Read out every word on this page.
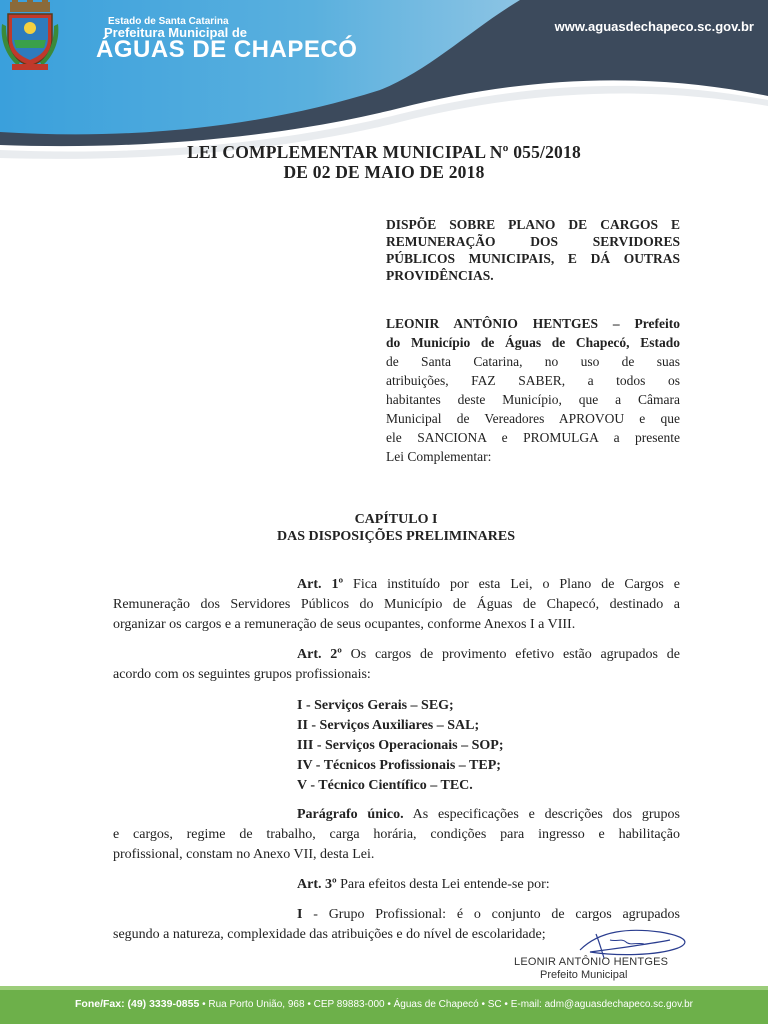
Estado de Santa Catarina
Prefeitura Municipal de
ÁGUAS DE CHAPECÓ
www.aguasdechapeco.sc.gov.br
LEI COMPLEMENTAR MUNICIPAL Nº 055/2018
DE 02 DE MAIO DE 2018
DISPÕE SOBRE PLANO DE CARGOS E
REMUNERAÇÃO DOS SERVIDORES
PÚBLICOS MUNICIPAIS, E DÁ OUTRAS
PROVIDÊNCIAS.
LEONIR ANTÔNIO HENTGES – Prefeito
do Município de Águas de Chapecó, Estado
de Santa Catarina, no uso de suas
atribuições, FAZ SABER, a todos os
habitantes deste Município, que a Câmara
Municipal de Vereadores APROVOU e que
ele SANCIONA e PROMULGA a presente
Lei Complementar:
CAPÍTULO I
DAS DISPOSIÇÕES PRELIMINARES
Art. 1º Fica instituído por esta Lei, o Plano de Cargos e
Remuneração dos Servidores Públicos do Município de Águas de Chapecó, destinado a
organizar os cargos e a remuneração de seus ocupantes, conforme Anexos I a VIII.
Art. 2º Os cargos de provimento efetivo estão agrupados de
acordo com os seguintes grupos profissionais:
I - Serviços Gerais – SEG;
II - Serviços Auxiliares – SAL;
III - Serviços Operacionais – SOP;
IV - Técnicos Profissionais – TEP;
V - Técnico Científico – TEC.
Parágrafo único. As especificações e descrições dos grupos
e cargos, regime de trabalho, carga horária, condições para ingresso e habilitação
profissional, constam no Anexo VII, desta Lei.
Art. 3º Para efeitos desta Lei entende-se por:
I - Grupo Profissional: é o conjunto de cargos agrupados
segundo a natureza, complexidade das atribuições e do nível de escolaridade;
LEONIR ANTÔNIO HENTGES
Prefeito Municipal
Fone/Fax: (49) 3339-0855 • Rua Porto União, 968 • CEP 89883-000 • Águas de Chapecó • SC • E-mail: adm@aguasdechapeco.sc.gov.br
